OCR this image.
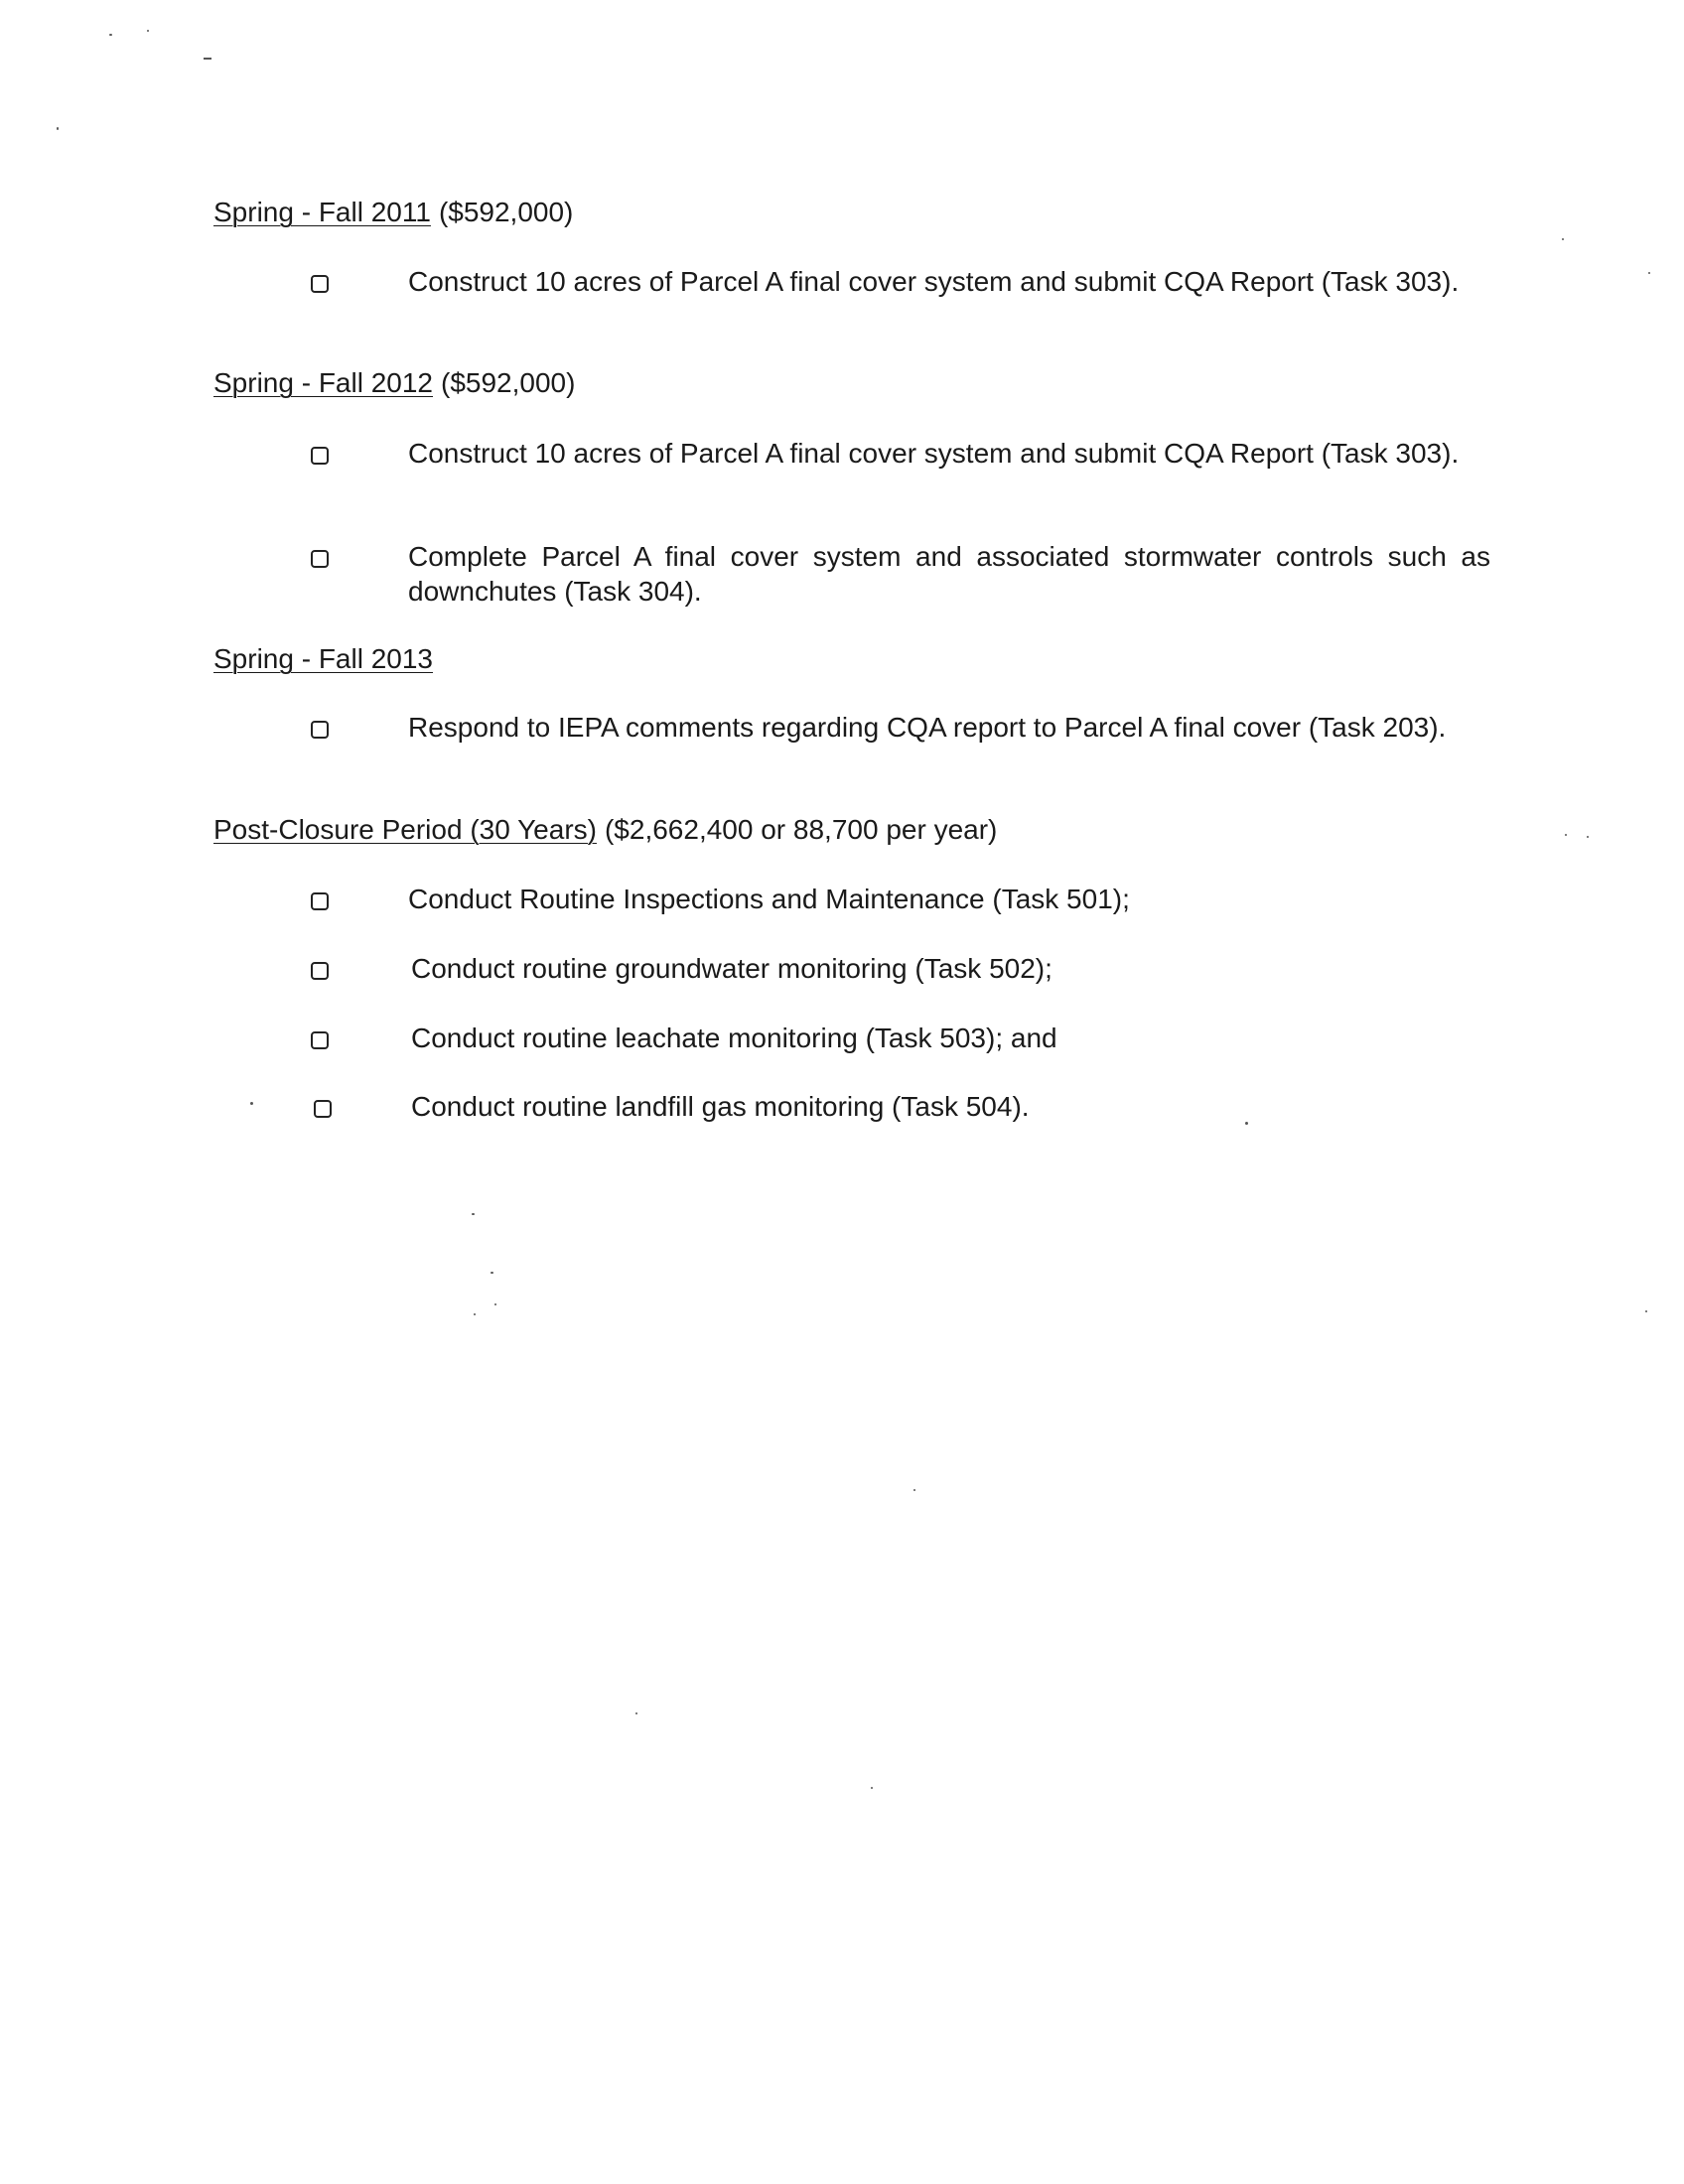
Spring - Fall 2011 ($592,000)
Construct 10 acres of Parcel A final cover system and submit CQA Report (Task 303).
Spring - Fall 2012 ($592,000)
Construct 10 acres of Parcel A final cover system and submit CQA Report (Task 303).
Complete Parcel A final cover system and associated stormwater controls such as downchutes (Task 304).
Spring - Fall 2013
Respond to IEPA comments regarding CQA report to Parcel A final cover (Task 203).
Post-Closure Period (30 Years) ($2,662,400 or 88,700 per year)
Conduct Routine Inspections and Maintenance (Task 501);
Conduct routine groundwater monitoring (Task 502);
Conduct routine leachate monitoring (Task 503); and
Conduct routine landfill gas monitoring (Task 504).
